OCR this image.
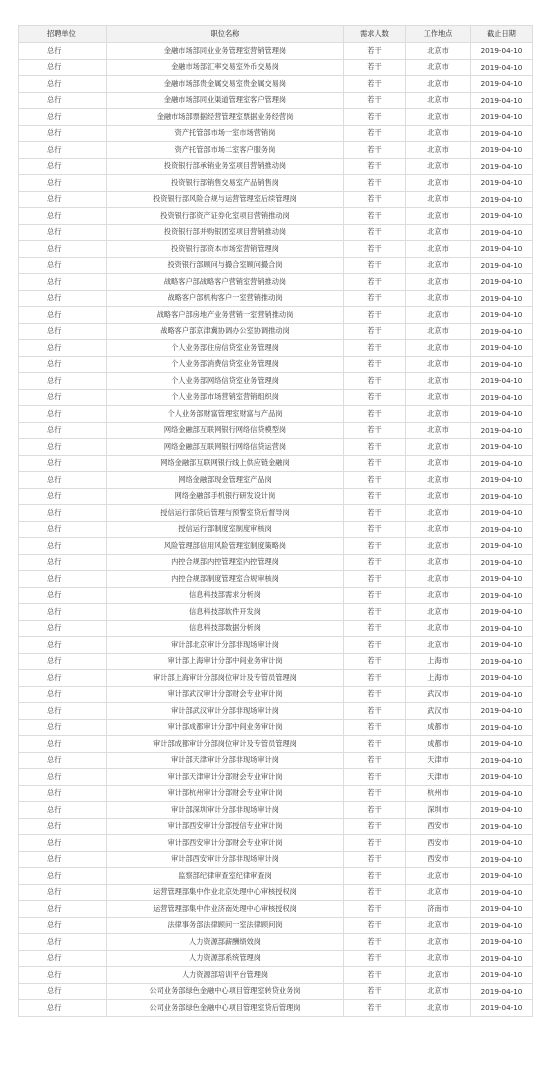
招聘单位	职位名称	需求人数	工作地点	截止日期
总行	金融市场部同业业务管理室营销管理岗	若干	北京市	2019-04-10
总行	金融市场部汇率交易室外币交易岗	若干	北京市	2019-04-10
总行	金融市场部贵金属交易室贵金属交易岗	若干	北京市	2019-04-10
总行	金融市场部同业渠道管理室客户管理岗	若干	北京市	2019-04-10
总行	金融市场部票据经营管理室票据业务经营岗	若干	北京市	2019-04-10
总行	资产托管部市场一室市场营销岗	若干	北京市	2019-04-10
总行	资产托管部市场二室客户服务岗	若干	北京市	2019-04-10
总行	投资银行部承销业务室项目营销推动岗	若干	北京市	2019-04-10
总行	投资银行部销售交易室产品销售岗	若干	北京市	2019-04-10
总行	投资银行部风险合规与运营管理室后续管理岗	若干	北京市	2019-04-10
总行	投资银行部资产证券化室项目营销推动岗	若干	北京市	2019-04-10
总行	投资银行部并购银团室项目营销推动岗	若干	北京市	2019-04-10
总行	投资银行部资本市场室营销管理岗	若干	北京市	2019-04-10
总行	投资银行部顾问与撮合室顾问撮合岗	若干	北京市	2019-04-10
总行	战略客户部战略客户营销室营销推动岗	若干	北京市	2019-04-10
总行	战略客户部机构客户一室营销推动岗	若干	北京市	2019-04-10
总行	战略客户部房地产业务营销一室营销推动岗	若干	北京市	2019-04-10
总行	战略客户部京津冀协调办公室协调推动岗	若干	北京市	2019-04-10
总行	个人业务部住房信贷室业务管理岗	若干	北京市	2019-04-10
总行	个人业务部消费信贷室业务管理岗	若干	北京市	2019-04-10
总行	个人业务部网络信贷室业务管理岗	若干	北京市	2019-04-10
总行	个人业务部市场营销室营销组织岗	若干	北京市	2019-04-10
总行	个人业务部财富管理室财富与产品岗	若干	北京市	2019-04-10
总行	网络金融部互联网银行网络信贷模型岗	若干	北京市	2019-04-10
总行	网络金融部互联网银行网络信贷运营岗	若干	北京市	2019-04-10
总行	网络金融部互联网银行线上供应链金融岗	若干	北京市	2019-04-10
总行	网络金融部现金管理室产品岗	若干	北京市	2019-04-10
总行	网络金融部手机银行研发设计岗	若干	北京市	2019-04-10
总行	授信运行部贷后管理与预警室贷后督导岗	若干	北京市	2019-04-10
总行	授信运行部制度室制度审核岗	若干	北京市	2019-04-10
总行	风险管理部信用风险管理室制度策略岗	若干	北京市	2019-04-10
总行	内控合规部内控管理室内控管理岗	若干	北京市	2019-04-10
总行	内控合规部制度管理室合规审核岗	若干	北京市	2019-04-10
总行	信息科技部需求分析岗	若干	北京市	2019-04-10
总行	信息科技部软件开发岗	若干	北京市	2019-04-10
总行	信息科技部数据分析岗	若干	北京市	2019-04-10
总行	审计部北京审计分部非现场审计岗	若干	北京市	2019-04-10
总行	审计部上海审计分部中间业务审计岗	若干	上海市	2019-04-10
总行	审计部上海审计分部岗位审计及专管员管理岗	若干	上海市	2019-04-10
总行	审计部武汉审计分部财会专业审计岗	若干	武汉市	2019-04-10
总行	审计部武汉审计分部非现场审计岗	若干	武汉市	2019-04-10
总行	审计部成都审计分部中间业务审计岗	若干	成都市	2019-04-10
总行	审计部成都审计分部岗位审计及专管员管理岗	若干	成都市	2019-04-10
总行	审计部天津审计分部非现场审计岗	若干	天津市	2019-04-10
总行	审计部天津审计分部财会专业审计岗	若干	天津市	2019-04-10
总行	审计部杭州审计分部财会专业审计岗	若干	杭州市	2019-04-10
总行	审计部深圳审计分部非现场审计岗	若干	深圳市	2019-04-10
总行	审计部西安审计分部授信专业审计岗	若干	西安市	2019-04-10
总行	审计部西安审计分部财会专业审计岗	若干	西安市	2019-04-10
总行	审计部西安审计分部非现场审计岗	若干	西安市	2019-04-10
总行	监察部纪律审查室纪律审查岗	若干	北京市	2019-04-10
总行	运营管理部集中作业北京处理中心审核授权岗	若干	北京市	2019-04-10
总行	运营管理部集中作业济南处理中心审核授权岗	若干	济南市	2019-04-10
总行	法律事务部法律顾问一室法律顾问岗	若干	北京市	2019-04-10
总行	人力资源部薪酬绩效岗	若干	北京市	2019-04-10
总行	人力资源部系统管理岗	若干	北京市	2019-04-10
总行	人力资源部培训平台管理岗	若干	北京市	2019-04-10
总行	公司业务部绿色金融中心项目管理室转贷业务岗	若干	北京市	2019-04-10
总行	公司业务部绿色金融中心项目管理室贷后管理岗	若干	北京市	2019-04-10
